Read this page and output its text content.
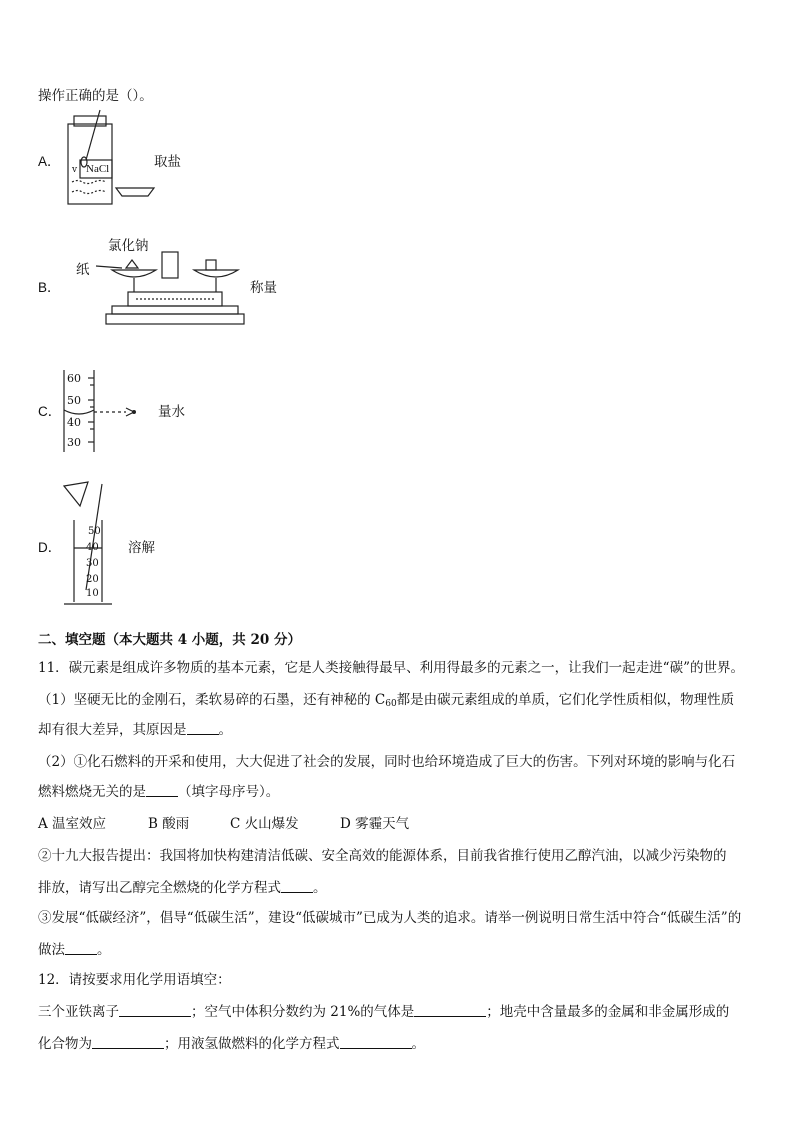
操作正确的是（）。
A．
v NaCl	取盐
B．
氯化钠
纸
称量
C．
60
50
40
30
量水
D．
50
40
30
20
10
溶解
二、填空题（本大题共 4 小题，共 20 分）
11．碳元素是组成许多物质的基本元素，它是人类接触得最早、利用得最多的元素之一，让我们一起走进“碳”的世界。
（1）坚硬无比的金刚石，柔软易碎的石墨，还有神秘的 $C_{60}$都是由碳元素组成的单质，它们化学性质相似，物理性质
却有很大差异，其原因是 。
（2）①化石燃料的开采和使用，大大促进了社会的发展，同时也给环境造成了巨大的伤害。下列对环境的影响与化石
燃料燃烧无关的是 （填字母序号）。
A 温室效应	B 酸雨	C 火山爆发	D 雾霾天气
②十九大报告提出：我国将加快构建清洁低碳、安全高效的能源体系，目前我省推行使用乙醇汽油，以减少污染物的
排放，请写出乙醇完全燃烧的化学方程式 。
③发展“低碳经济”，倡导“低碳生活”，建设“低碳城市”已成为人类的追求。请举一例说明日常生活中符合“低碳生活”的
做法 。
12．请按要求用化学用语填空：
三个亚铁离子	；空气中体积分数约为 21%的气体是	；地壳中含量最多的金属和非金属形成的
化合物为	；用液氢做燃料的化学方程式	。
